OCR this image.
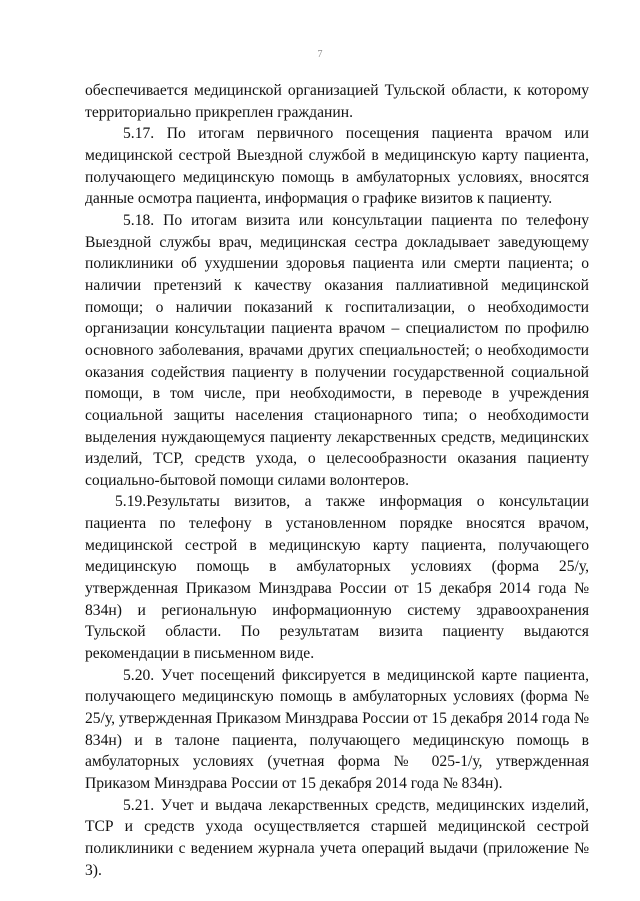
7

обеспечивается медицинской организацией Тульской области, к которому территориально прикреплен гражданин.

5.17. По итогам первичного посещения пациента врачом или медицинской сестрой Выездной службой в медицинскую карту пациента, получающего медицинскую помощь в амбулаторных условиях, вносятся данные осмотра пациента, информация о графике визитов к пациенту.

5.18. По итогам визита или консультации пациента по телефону Выездной службы врач, медицинская сестра докладывает заведующему поликлиники об ухудшении здоровья пациента или смерти пациента; о наличии претензий к качеству оказания паллиативной медицинской помощи; о наличии показаний к госпитализации, о необходимости организации консультации пациента врачом – специалистом по профилю основного заболевания, врачами других специальностей; о необходимости оказания содействия пациенту в получении государственной социальной помощи, в том числе, при необходимости, в переводе в учреждения социальной защиты населения стационарного типа; о необходимости выделения нуждающемуся пациенту лекарственных средств, медицинских изделий, ТСР, средств ухода, о целесообразности оказания пациенту социально-бытовой помощи силами волонтеров.

5.19.Результаты визитов, а также информация о консультации пациента по телефону в установленном порядке вносятся врачом, медицинской сестрой в медицинскую карту пациента, получающего медицинскую помощь в амбулаторных условиях (форма 25/у, утвержденная Приказом Минздрава России от 15 декабря 2014 года № 834н) и региональную информационную систему здравоохранения Тульской области. По результатам визита пациенту выдаются рекомендации в письменном виде.

5.20. Учет посещений фиксируется в медицинской карте пациента, получающего медицинскую помощь в амбулаторных условиях (форма № 25/у, утвержденная Приказом Минздрава России от 15 декабря 2014 года № 834н) и в талоне пациента, получающего медицинскую помощь в амбулаторных условиях (учетная форма № 025-1/у, утвержденная Приказом Минздрава России от 15 декабря 2014 года № 834н).

5.21. Учет и выдача лекарственных средств, медицинских изделий, ТСР и средств ухода осуществляется старшей медицинской сестрой поликлиники с ведением журнала учета операций выдачи (приложение № 3).
